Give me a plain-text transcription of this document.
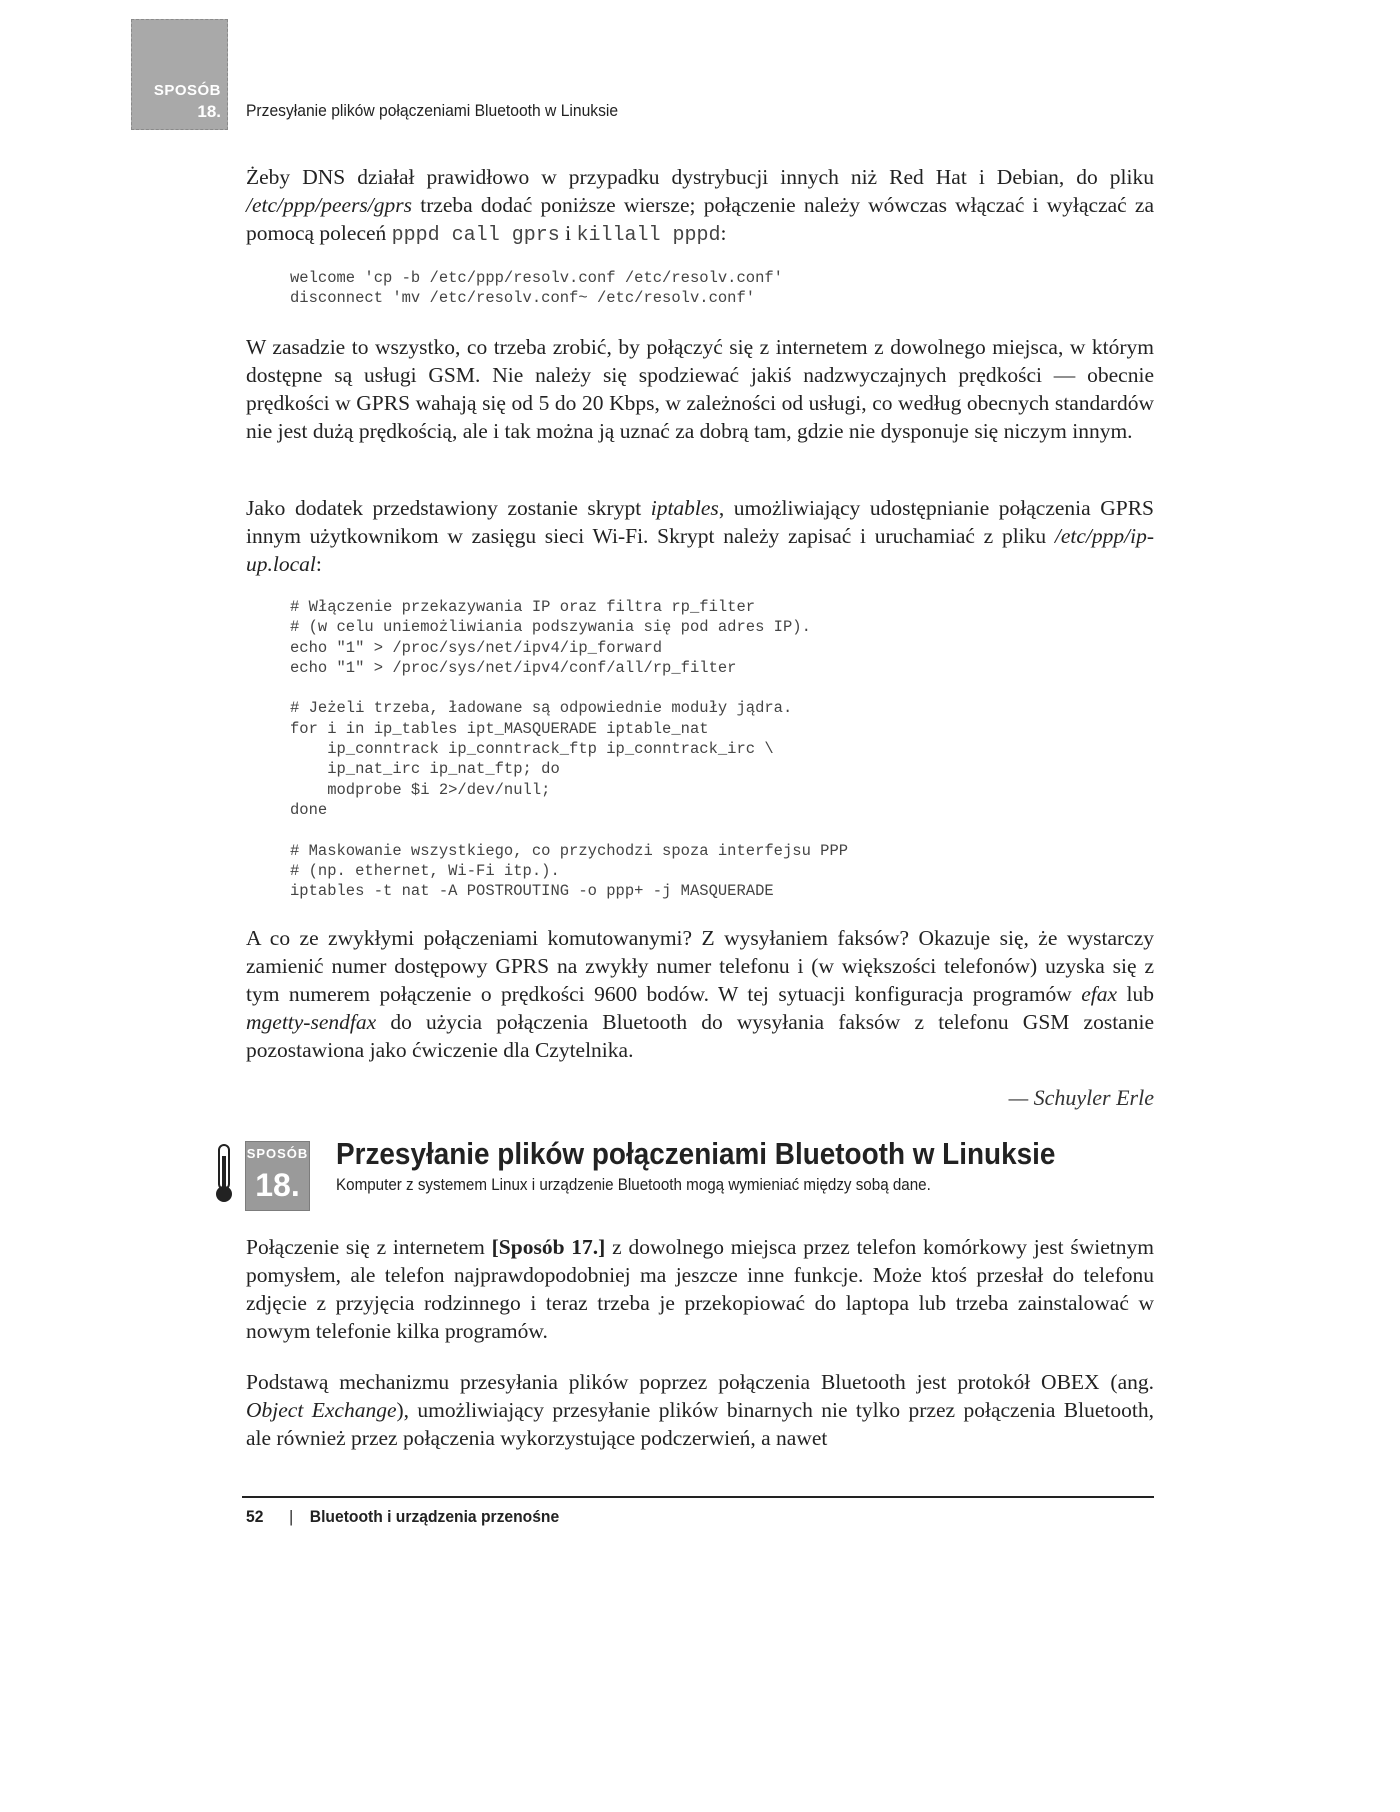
SPOSÓB
18. Przesyłanie plików połączeniami Bluetooth w Linuksie

Żeby DNS działał prawidłowo w przypadku dystrybucji innych niż Red Hat i Debian, do pliku /etc/ppp/peers/gprs trzeba dodać poniższe wiersze; połączenie należy wówczas włączać i wyłączać za pomocą poleceń pppd call gprs i killall pppd:

welcome 'cp -b /etc/ppp/resolv.conf /etc/resolv.conf'
disconnect 'mv /etc/resolv.conf~ /etc/resolv.conf'

W zasadzie to wszystko, co trzeba zrobić, by połączyć się z internetem z dowolnego miejsca, w którym dostępne są usługi GSM. Nie należy się spodziewać jakiś nadzwyczajnych prędkości — obecnie prędkości w GPRS wahają się od 5 do 20 Kbps, w zależności od usługi, co według obecnych standardów nie jest dużą prędkością, ale i tak można ją uznać za dobrą tam, gdzie nie dysponuje się niczym innym.

Jako dodatek przedstawiony zostanie skrypt iptables, umożliwiający udostępnianie połączenia GPRS innym użytkownikom w zasięgu sieci Wi-Fi. Skrypt należy zapisać i uruchamiać z pliku /etc/ppp/ip-up.local:

# Włączenie przekazywania IP oraz filtra rp_filter
# (w celu uniemożliwiania podszywania się pod adres IP).
echo "1" > /proc/sys/net/ipv4/ip_forward
echo "1" > /proc/sys/net/ipv4/conf/all/rp_filter

# Jeżeli trzeba, ładowane są odpowiednie moduły jądra.
for i in ip_tables ipt_MASQUERADE iptable_nat
ip_conntrack ip_conntrack_ftp ip_conntrack_irc \
ip_nat_irc ip_nat_ftp; do
modprobe $i 2>/dev/null;
done

# Maskowanie wszystkiego, co przychodzi spoza interfejsu PPP
# (np. ethernet, Wi-Fi itp.).
iptables -t nat -A POSTROUTING -o ppp+ -j MASQUERADE

A co ze zwykłymi połączeniami komutowanymi? Z wysyłaniem faksów? Okazuje się, że wystarczy zamienić numer dostępowy GPRS na zwykły numer telefonu i (w większości telefonów) uzyska się z tym numerem połączenie o prędkości 9600 bodów. W tej sytuacji konfiguracja programów efax lub mgetty-sendfax do użycia połączenia Bluetooth do wysyłania faksów z telefonu GSM zostanie pozostawiona jako ćwiczenie dla Czytelnika.

— Schuyler Erle
SPOSÓB
18.
Przesyłanie plików połączeniami Bluetooth w Linuksie
Komputer z systemem Linux i urządzenie Bluetooth mogą wymieniać między sobą dane.

Połączenie się z internetem [Sposób 17.] z dowolnego miejsca przez telefon komórkowy jest świetnym pomysłem, ale telefon najprawdopodobniej ma jeszcze inne funkcje. Może ktoś przesłał do telefonu zdjęcie z przyjęcia rodzinnego i teraz trzeba je przekopiować do laptopa lub trzeba zainstalować w nowym telefonie kilka programów.

Podstawą mechanizmu przesyłania plików poprzez połączenia Bluetooth jest protokół OBEX (ang. Object Exchange), umożliwiający przesyłanie plików binarnych nie tylko przez połączenia Bluetooth, ale również przez połączenia wykorzystujące podczerwień, a nawet

52 | Bluetooth i urządzenia przenośne
